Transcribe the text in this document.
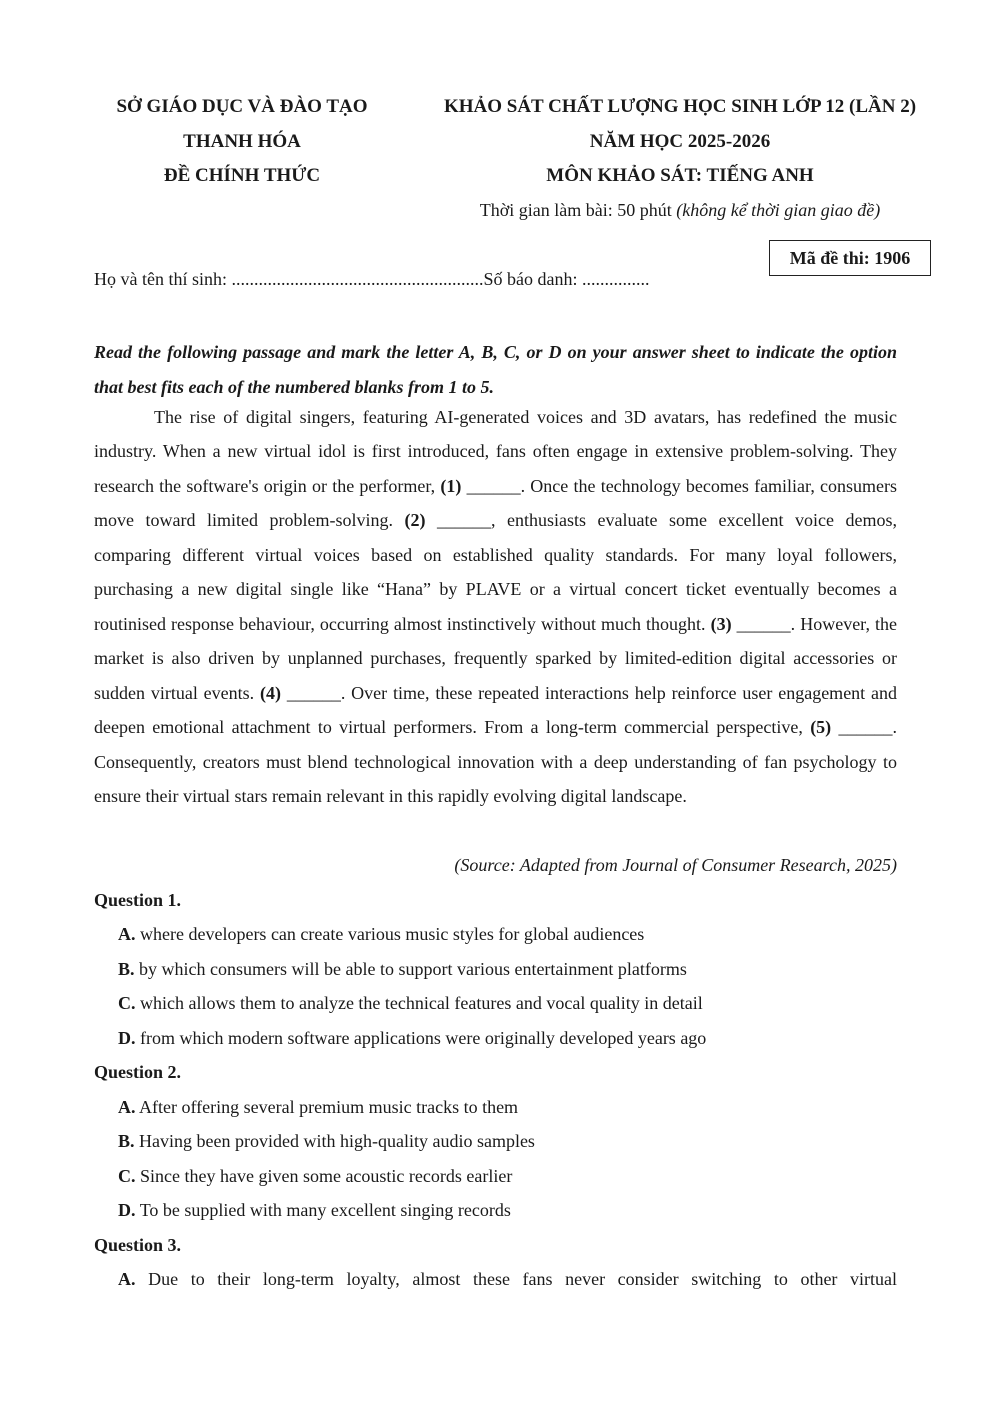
SỞ GIÁO DỤC VÀ ĐÀO TẠO
THANH HÓA
ĐỀ CHÍNH THỨC
KHẢO SÁT CHẤT LƯỢNG HỌC SINH LỚP 12 (LẦN 2)
NĂM HỌC 2025-2026
MÔN KHẢO SÁT: TIẾNG ANH
Thời gian làm bài: 50 phút (không kể thời gian giao đề)
Mã đề thi: 1906
Họ và tên thí sinh: ........................................................Số báo danh: ...............
Read the following passage and mark the letter A, B, C, or D on your answer sheet to indicate the option that best fits each of the numbered blanks from 1 to 5.

The rise of digital singers, featuring AI-generated voices and 3D avatars, has redefined the music industry. When a new virtual idol is first introduced, fans often engage in extensive problem-solving. They research the software's origin or the performer, (1) ______. Once the technology becomes familiar, consumers move toward limited problem-solving. (2) ______, enthusiasts evaluate some excellent voice demos, comparing different virtual voices based on established quality standards. For many loyal followers, purchasing a new digital single like “Hana” by PLAVE or a virtual concert ticket eventually becomes a routinised response behaviour, occurring almost instinctively without much thought. (3) ______. However, the market is also driven by unplanned purchases, frequently sparked by limited-edition digital accessories or sudden virtual events. (4) ______. Over time, these repeated interactions help reinforce user engagement and deepen emotional attachment to virtual performers. From a long-term commercial perspective, (5) ______. Consequently, creators must blend technological innovation with a deep understanding of fan psychology to ensure their virtual stars remain relevant in this rapidly evolving digital landscape.

(Source: Adapted from Journal of Consumer Research, 2025)
Question 1.
A. where developers can create various music styles for global audiences
B. by which consumers will be able to support various entertainment platforms
C. which allows them to analyze the technical features and vocal quality in detail
D. from which modern software applications were originally developed years ago
Question 2.
A. After offering several premium music tracks to them
B. Having been provided with high-quality audio samples
C. Since they have given some acoustic records earlier
D. To be supplied with many excellent singing records
Question 3.
A. Due to their long-term loyalty, almost these fans never consider switching to other virtual
